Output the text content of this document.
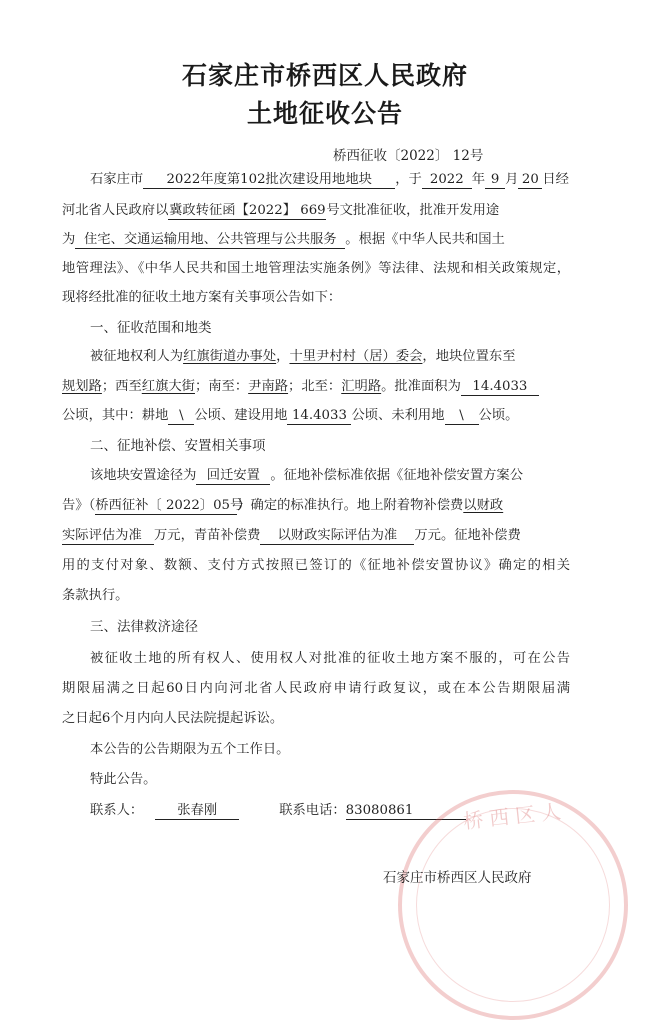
石家庄市桥西区人民政府
土地征收公告
桥西征收〔2022〕 12号
石家庄市 2022年度第102批次建设用地地块 ，于 2022 年 9 月 20 日经
河北省人民政府以冀政转征函【2022】 669号文批准征收，批准开发用途
为 住宅、交通运输用地、公共管理与公共服务 。根据《中华人民共和国土
地管理法》、《中华人民共和国土地管理法实施条例》等法律、法规和相关政策规定，
现将经批准的征收土地方案有关事项公告如下：
一、征收范围和地类
被征地权利人为红旗街道办事处，十里尹村村（居）委会，地块位置东至
规划路；西至红旗大街；南至：尹南路；北至：汇明路。批准面积为 14.4033
公顷，其中：耕地 \ 公顷、建设用地 14.4033 公顷、未利用地 \ 公顷。
二、征地补偿、安置相关事项
该地块安置途径为 回迁安置 。征地补偿标准依据《征地补偿安置方案公
告》（桥西征补〔 2022〕05号）确定的标准执行。地上附着物补偿费以财政
实际评估为准 万元，青苗补偿费 以财政实际评估为准 万元。征地补偿费
用的支付对象、数额、支付方式按照已签订的《征地补偿安置协议》确定的相关
条款执行。
三、法律救济途径
被征收土地的所有权人、使用权人对批准的征收土地方案不服的，可在公告
期限届满之日起60日内向河北省人民政府申请行政复议，或在本公告期限届满
之日起6个月内向人民法院提起诉讼。
本公告的公告期限为五个工作日。
特此公告。
联系人：	张春刚	联系电话：83080861	桥西区人
石家庄市桥西区人民政府
